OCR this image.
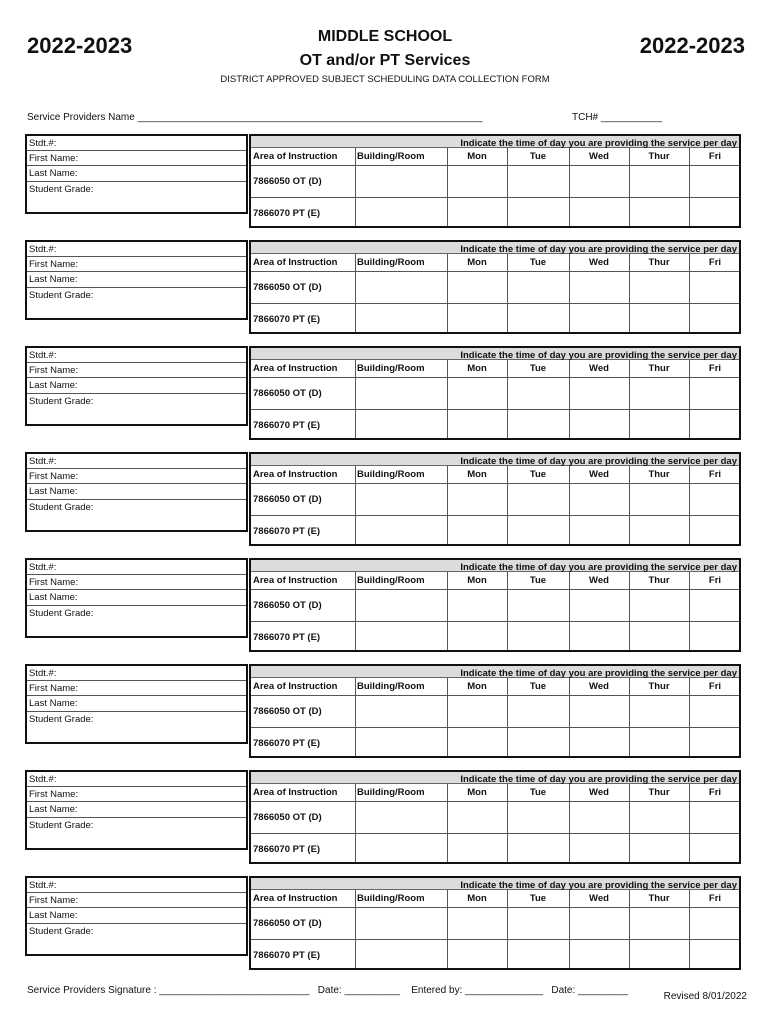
2022-2023	2022-2023
MIDDLE SCHOOL
OT and/or PT Services
DISTRICT APPROVED SUBJECT SCHEDULING DATA COLLECTION FORM
Service Providers Name ______________________________________________________________	TCH# ___________
Stdt.#:
First Name:
Last Name:
Student Grade:
Indicate the time of day you are providing the service per day
Area of Instruction	Building/Room	Mon	Tue	Wed	Thur	Fri
7866050 OT (D)
7866070 PT (E)
Stdt.#:
First Name:
Last Name:
Student Grade:
Indicate the time of day you are providing the service per day
Area of Instruction	Building/Room	Mon	Tue	Wed	Thur	Fri
7866050 OT (D)
7866070 PT (E)
Stdt.#:
First Name:
Last Name:
Student Grade:
Indicate the time of day you are providing the service per day
Area of Instruction	Building/Room	Mon	Tue	Wed	Thur	Fri
7866050 OT (D)
7866070 PT (E)
Stdt.#:
First Name:
Last Name:
Student Grade:
Indicate the time of day you are providing the service per day
Area of Instruction	Building/Room	Mon	Tue	Wed	Thur	Fri
7866050 OT (D)
7866070 PT (E)
Stdt.#:
First Name:
Last Name:
Student Grade:
Indicate the time of day you are providing the service per day
Area of Instruction	Building/Room	Mon	Tue	Wed	Thur	Fri
7866050 OT (D)
7866070 PT (E)
Stdt.#:
First Name:
Last Name:
Student Grade:
Indicate the time of day you are providing the service per day
Area of Instruction	Building/Room	Mon	Tue	Wed	Thur	Fri
7866050 OT (D)
7866070 PT (E)
Stdt.#:
First Name:
Last Name:
Student Grade:
Indicate the time of day you are providing the service per day
Area of Instruction	Building/Room	Mon	Tue	Wed	Thur	Fri
7866050 OT (D)
7866070 PT (E)
Stdt.#:
First Name:
Last Name:
Student Grade:
Indicate the time of day you are providing the service per day
Area of Instruction	Building/Room	Mon	Tue	Wed	Thur	Fri
7866050 OT (D)
7866070 PT (E)
Service Providers Signature : ___________________________   Date: __________    Entered by: ______________   Date: _________
Revised 8/01/2022
